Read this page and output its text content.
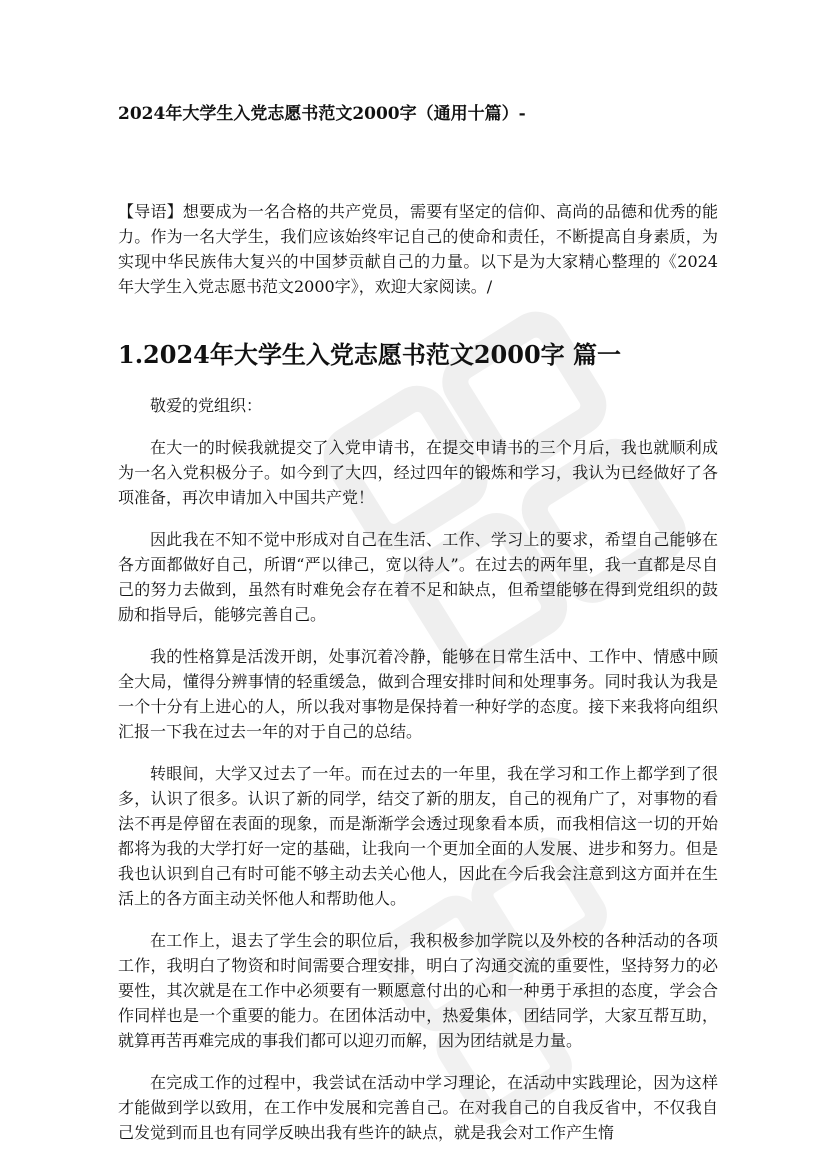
2024年大学生入党志愿书范文2000字（通用十篇）-
【导语】想要成为一名合格的共产党员，需要有坚定的信仰、高尚的品德和优秀的能力。作为一名大学生，我们应该始终牢记自己的使命和责任，不断提高自身素质，为实现中华民族伟大复兴的中国梦贡献自己的力量。以下是为大家精心整理的《2024年大学生入党志愿书范文2000字》，欢迎大家阅读。/
1.2024年大学生入党志愿书范文2000字 篇一

敬爱的党组织：

在大一的时候我就提交了入党申请书，在提交申请书的三个月后，我也就顺利成为一名入党积极分子。如今到了大四，经过四年的锻炼和学习，我认为已经做好了各项准备，再次申请加入中国共产党！

因此我在不知不觉中形成对自己在生活、工作、学习上的要求，希望自己能够在各方面都做好自己，所谓“严以律己，宽以待人”。在过去的两年里，我一直都是尽自己的努力去做到，虽然有时难免会存在着不足和缺点，但希望能够在得到党组织的鼓励和指导后，能够完善自己。

我的性格算是活泼开朗，处事沉着冷静，能够在日常生活中、工作中、情感中顾全大局，懂得分辨事情的轻重缓急，做到合理安排时间和处理事务。同时我认为我是一个十分有上进心的人，所以我对事物是保持着一种好学的态度。接下来我将向组织汇报一下我在过去一年的对于自己的总结。

转眼间，大学又过去了一年。而在过去的一年里，我在学习和工作上都学到了很多，认识了很多。认识了新的同学，结交了新的朋友，自己的视角广了，对事物的看法不再是停留在表面的现象，而是渐渐学会透过现象看本质，而我相信这一切的开始都将为我的大学打好一定的基础，让我向一个更加全面的人发展、进步和努力。但是我也认识到自己有时可能不够主动去关心他人，因此在今后我会注意到这方面并在生活上的各方面主动关怀他人和帮助他人。

在工作上，退去了学生会的职位后，我积极参加学院以及外校的各种活动的各项工作，我明白了物资和时间需要合理安排，明白了沟通交流的重要性，坚持努力的必要性，其次就是在工作中必须要有一颗愿意付出的心和一种勇于承担的态度，学会合作同样也是一个重要的能力。在团体活动中，热爱集体，团结同学，大家互帮互助，就算再苦再难完成的事我们都可以迎刃而解，因为团结就是力量。

在完成工作的过程中，我尝试在活动中学习理论，在活动中实践理论，因为这样才能做到学以致用，在工作中发展和完善自己。在对我自己的自我反省中，不仅我自己发觉到而且也有同学反映出我有些许的缺点，就是我会对工作产生惰
